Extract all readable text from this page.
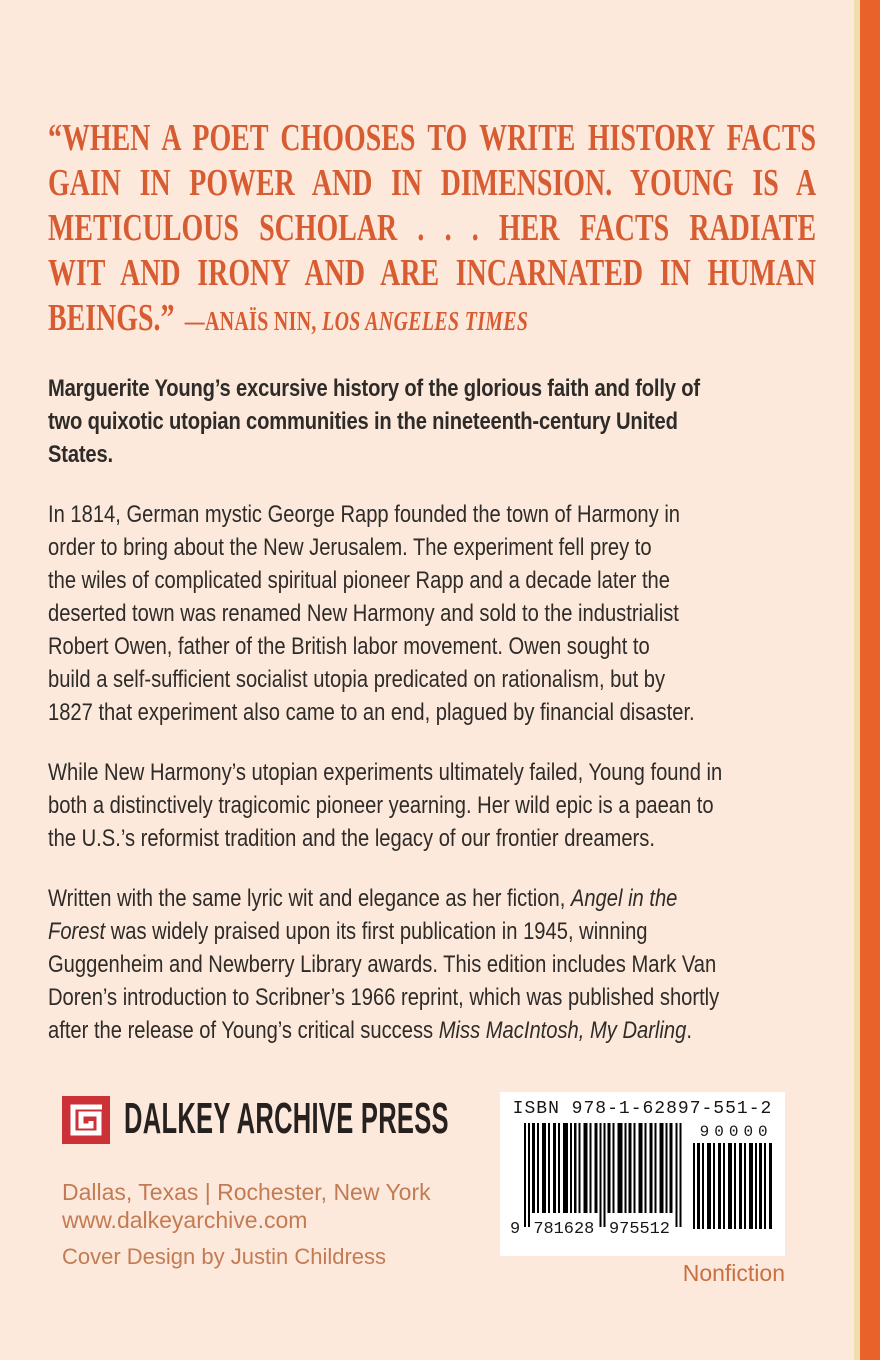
“WHEN A POET CHOOSES TO WRITE HISTORY FACTS
GAIN IN POWER AND IN DIMENSION. YOUNG IS A
METICULOUS SCHOLAR . . . HER FACTS RADIATE
WIT AND IRONY AND ARE INCARNATED IN HUMAN
BEINGS.” —ANAÏS NIN, LOS ANGELES TIMES
Marguerite Young’s excursive history of the glorious faith and folly of
two quixotic utopian communities in the nineteenth-century United
States.
In 1814, German mystic George Rapp founded the town of Harmony in
order to bring about the New Jerusalem. The experiment fell prey to
the wiles of complicated spiritual pioneer Rapp and a decade later the
deserted town was renamed New Harmony and sold to the industrialist
Robert Owen, father of the British labor movement. Owen sought to
build a self-sufficient socialist utopia predicated on rationalism, but by
1827 that experiment also came to an end, plagued by financial disaster.
While New Harmony’s utopian experiments ultimately failed, Young found in
both a distinctively tragicomic pioneer yearning. Her wild epic is a paean to
the U.S.’s reformist tradition and the legacy of our frontier dreamers.
Written with the same lyric wit and elegance as her fiction, Angel in the
Forest was widely praised upon its first publication in 1945, winning
Guggenheim and Newberry Library awards. This edition includes Mark Van
Doren’s introduction to Scribner’s 1966 reprint, which was published shortly
after the release of Young’s critical success Miss MacIntosh, My Darling.
DALKEY ARCHIVE PRESS
Dallas, Texas | Rochester, New York
www.dalkeyarchive.com
Cover Design by Justin Childress
ISBN 978-1-62897-551-2
9 781628 975512
90000
Nonfiction
